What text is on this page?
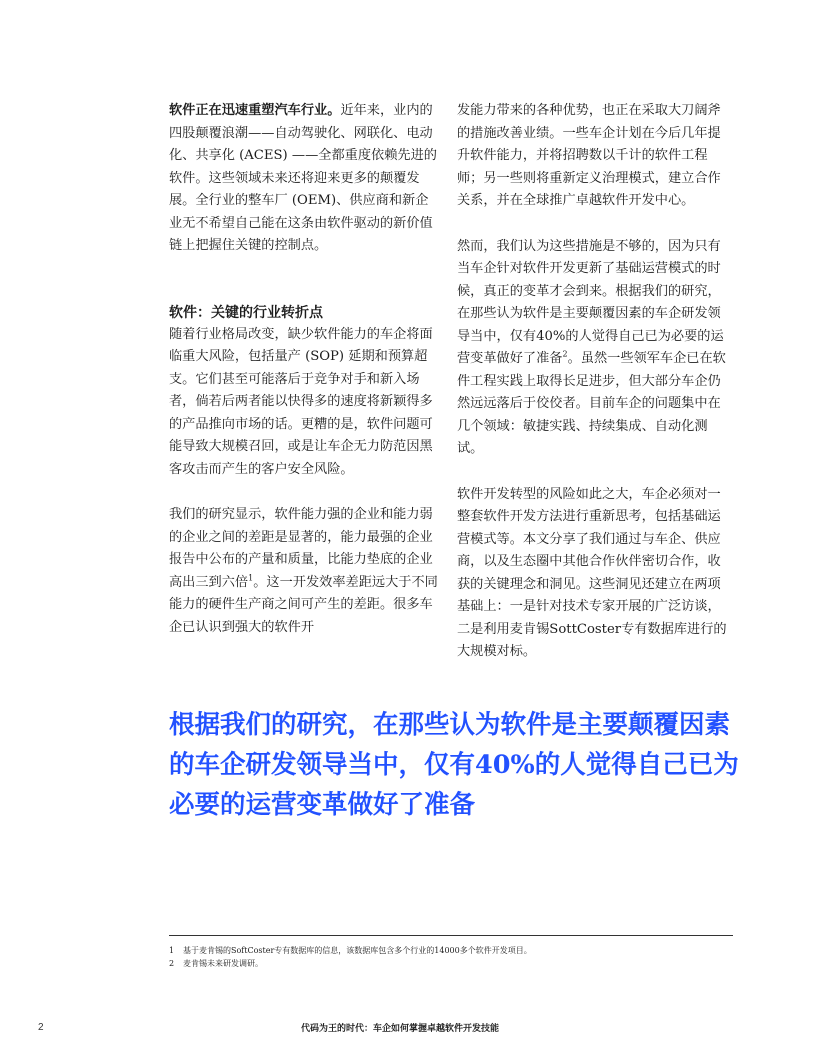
软件正在迅速重塑汽车行业。近年来，业内的四股颠覆浪潮——自动驾驶化、网联化、电动化、共享化 (ACES) ——全都重度依赖先进的软件。这些领域未来还将迎来更多的颠覆发展。全行业的整车厂 (OEM)、供应商和新企业无不希望自己能在这条由软件驱动的新价值链上把握住关键的控制点。

软件：关键的行业转折点

随着行业格局改变，缺少软件能力的车企将面临重大风险，包括量产 (SOP) 延期和预算超支。它们甚至可能落后于竞争对手和新入场者，倘若后两者能以快得多的速度将新颖得多的产品推向市场的话。更糟的是，软件问题可能导致大规模召回，或是让车企无力防范因黑客攻击而产生的客户安全风险。

我们的研究显示，软件能力强的企业和能力弱的企业之间的差距是显著的，能力最强的企业报告中公布的产量和质量，比能力垫底的企业高出三到六倍$^1$。这一开发效率差距远大于不同能力的硬件生产商之间可产生的差距。很多车企已认识到强大的软件开

发能力带来的各种优势，也正在采取大刀阔斧的措施改善业绩。一些车企计划在今后几年提升软件能力，并将招聘数以千计的软件工程师；另一些则将重新定义治理模式，建立合作关系，并在全球推广卓越软件开发中心。

然而，我们认为这些措施是不够的，因为只有当车企针对软件开发更新了基础运营模式的时候，真正的变革才会到来。根据我们的研究，在那些认为软件是主要颠覆因素的车企研发领导当中，仅有40%的人觉得自己已为必要的运营变革做好了准备$^2$。虽然一些领军车企已在软件工程实践上取得长足进步，但大部分车企仍然远远落后于佼佼者。目前车企的问题集中在几个领域：敏捷实践、持续集成、自动化测试。

软件开发转型的风险如此之大，车企必须对一整套软件开发方法进行重新思考，包括基础运营模式等。本文分享了我们通过与车企、供应商，以及生态圈中其他合作伙伴密切合作，收获的关键理念和洞见。这些洞见还建立在两项基础上：一是针对技术专家开展的广泛访谈，二是利用麦肯锡SottCoster专有数据库进行的大规模对标。

根据我们的研究，在那些认为软件是主要颠覆因素的车企研发领导当中，仅有40%的人觉得自己已为必要的运营变革做好了准备

1	基于麦肯锡的SoftCoster专有数据库的信息，该数据库包含多个行业的14000多个软件开发项目。
2	麦肯锡未来研发调研。
2	代码为王的时代：车企如何掌握卓越软件开发技能
